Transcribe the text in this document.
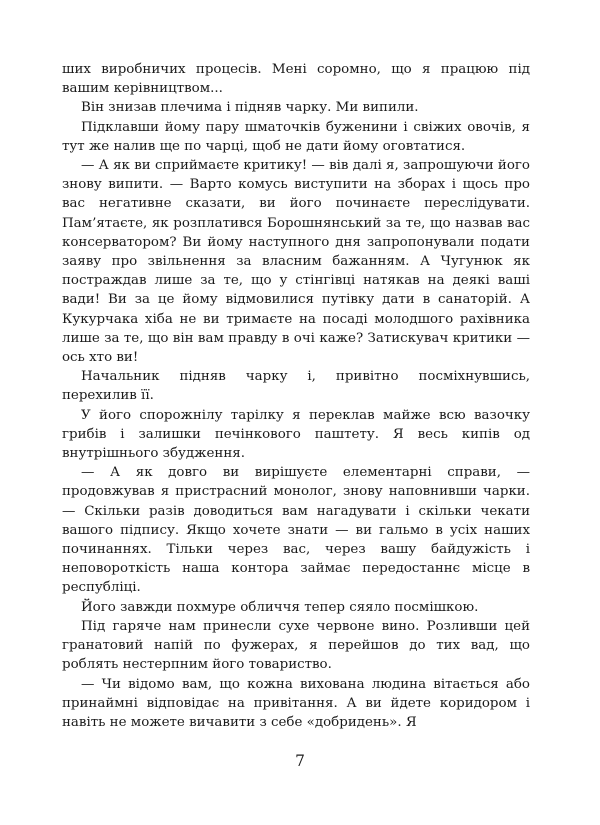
ших виробничих процесів. Мені соромно, що я працюю під вашим керівництвом...

Він знизав плечима і підняв чарку. Ми випили.

Підклавши йому пару шматочків буженини і свіжих овочів, я тут же налив ще по чарці, щоб не дати йому оговтатися.

— А як ви сприймаєте критику! — вів далі я, запрошуючи його знову випити. — Варто комусь виступити на зборах і щось про вас негативне сказати, ви його починаєте переслідувати. Пам’ятаєте, як розплатився Борошнянський за те, що назвав вас консерватором? Ви йому наступного дня запропонували подати заяву про звільнення за власним бажанням. А Чугунюк як постраждав лише за те, що у стінгівці натякав на деякі ваші вади! Ви за це йому відмовилися путівку дати в санаторій. А Кукурчака хіба не ви тримаєте на посаді молодшого рахівника лише за те, що він вам правду в очі каже? Затискувач критики — ось хто ви!

Начальник підняв чарку і, привітно посміхнувшись, перехилив її.

У його спорожнілу тарілку я переклав майже всю вазочку грибів і залишки печінкового паштету. Я весь кипів од внутрішнього збудження.

— А як довго ви вирішуєте елементарні справи, — продовжував я пристрасний монолог, знову наповнивши чарки. — Скільки разів доводиться вам нагадувати і скільки чекати вашого підпису. Якщо хочете знати — ви гальмо в усіх наших починаннях. Тільки через вас, через вашу байдужість і неповороткість наша контора займає передостаннє місце в республіці.

Його завжди похмуре обличчя тепер сяяло посмішкою.

Під гаряче нам принесли сухе червоне вино. Розливши цей гранатовий напій по фужерах, я перейшов до тих вад, що роблять нестерпним його товариство.

— Чи відомо вам, що кожна вихована людина вітається або принаймні відповідає на привітання. А ви йдете коридором і навіть не можете вичавити з себе «добридень». Я

7
